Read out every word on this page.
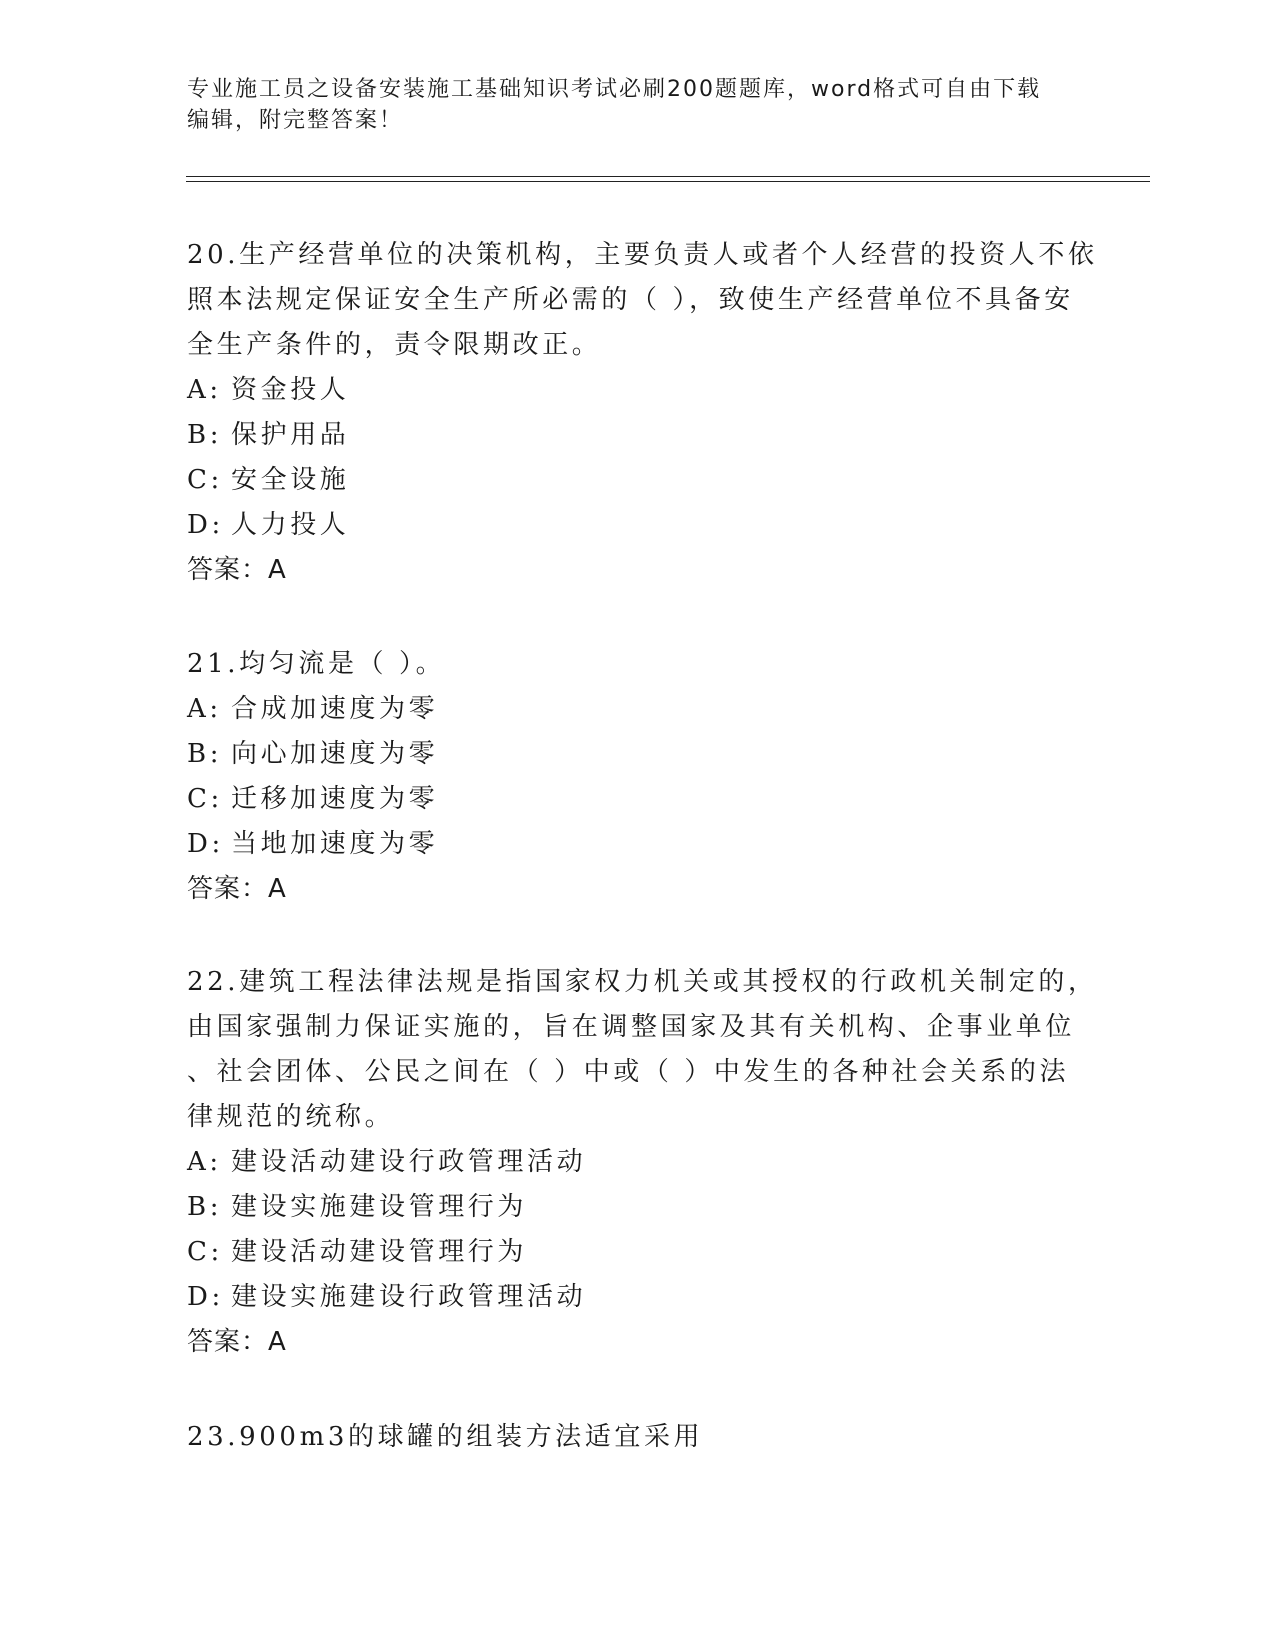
专业施工员之设备安装施工基础知识考试必刷200题题库，word格式可自由下载
编辑，附完整答案！
20.生产经营单位的决策机构，主要负责人或者个人经营的投资人不依
照本法规定保证安全生产所必需的（ ），致使生产经营单位不具备安
全生产条件的，责令限期改正。
A: 资金投人
B: 保护用品
C: 安全设施
D: 人力投人
答案：A
21.均匀流是（ ）。
A: 合成加速度为零
B: 向心加速度为零
C: 迁移加速度为零
D: 当地加速度为零
答案：A
22.建筑工程法律法规是指国家权力机关或其授权的行政机关制定的，
由国家强制力保证实施的，旨在调整国家及其有关机构、企事业单位
、社会团体、公民之间在（ ）中或（ ）中发生的各种社会关系的法
律规范的统称。
A: 建设活动建设行政管理活动
B: 建设实施建设管理行为
C: 建设活动建设管理行为
D: 建设实施建设行政管理活动
答案：A
23.900m3的球罐的组装方法适宜采用
